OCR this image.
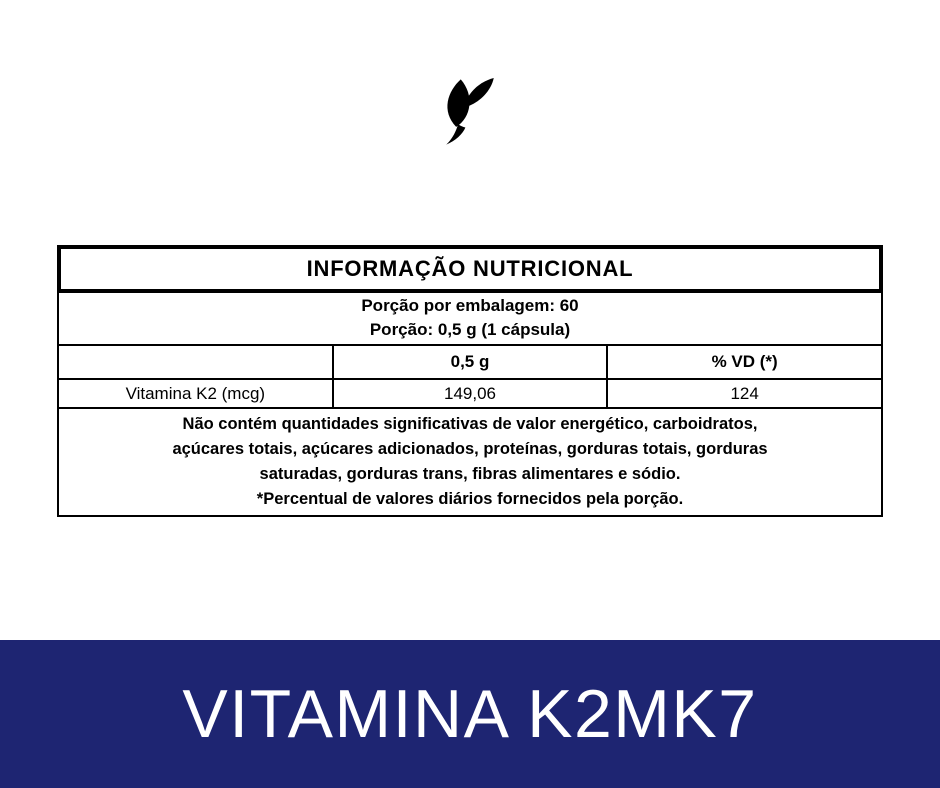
INFORMAÇÃO NUTRICIONAL
Porção por embalagem: 60
Porção: 0,5 g (1 cápsula)		

	0,5 g	% VD (*)
Vitamina K2 (mcg)	149,06	124

Não contém quantidades significativas de valor energético, carboidratos,
açúcares totais, açúcares adicionados, proteínas, gorduras totais, gorduras
saturadas, gorduras trans, fibras alimentares e sódio.
*Percentual de valores diários fornecidos pela porção.		
VITAMINA K2MK7
